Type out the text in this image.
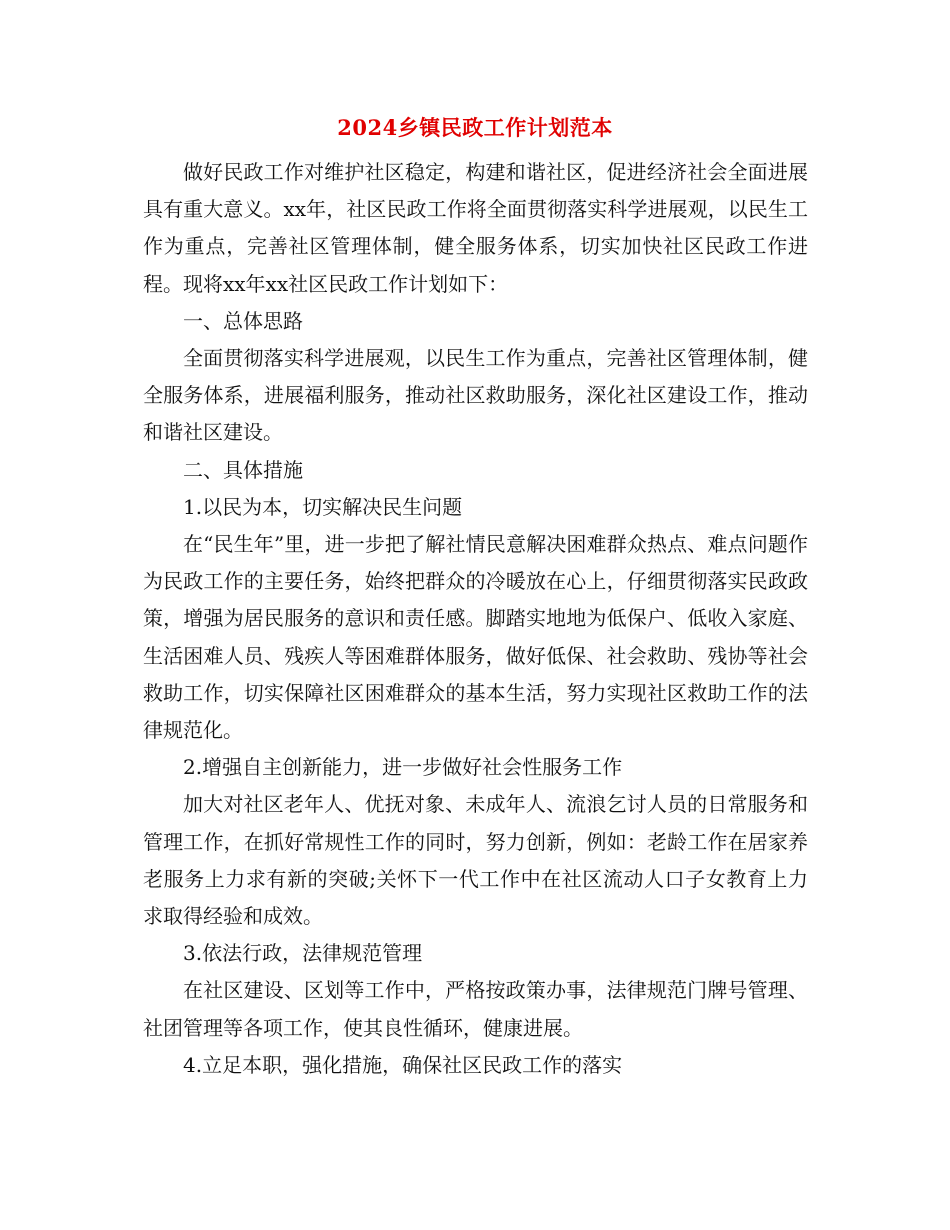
2024乡镇民政工作计划范本

做好民政工作对维护社区稳定，构建和谐社区，促进经济社会全面进展具有重大意义。xx年，社区民政工作将全面贯彻落实科学进展观，以民生工作为重点，完善社区管理体制，健全服务体系，切实加快社区民政工作进程。现将xx年xx社区民政工作计划如下：

一、总体思路

全面贯彻落实科学进展观，以民生工作为重点，完善社区管理体制，健全服务体系，进展福利服务，推动社区救助服务，深化社区建设工作，推动和谐社区建设。

二、具体措施

1.以民为本，切实解决民生问题

在“民生年”里，进一步把了解社情民意解决困难群众热点、难点问题作为民政工作的主要任务，始终把群众的冷暖放在心上，仔细贯彻落实民政政策，增强为居民服务的意识和责任感。脚踏实地地为低保户、低收入家庭、生活困难人员、残疾人等困难群体服务，做好低保、社会救助、残协等社会救助工作，切实保障社区困难群众的基本生活，努力实现社区救助工作的法律规范化。

2.增强自主创新能力，进一步做好社会性服务工作

加大对社区老年人、优抚对象、未成年人、流浪乞讨人员的日常服务和管理工作，在抓好常规性工作的同时，努力创新，例如：老龄工作在居家养老服务上力求有新的突破;关怀下一代工作中在社区流动人口子女教育上力求取得经验和成效。

3.依法行政，法律规范管理

在社区建设、区划等工作中，严格按政策办事，法律规范门牌号管理、社团管理等各项工作，使其良性循环，健康进展。

4.立足本职，强化措施，确保社区民政工作的落实
